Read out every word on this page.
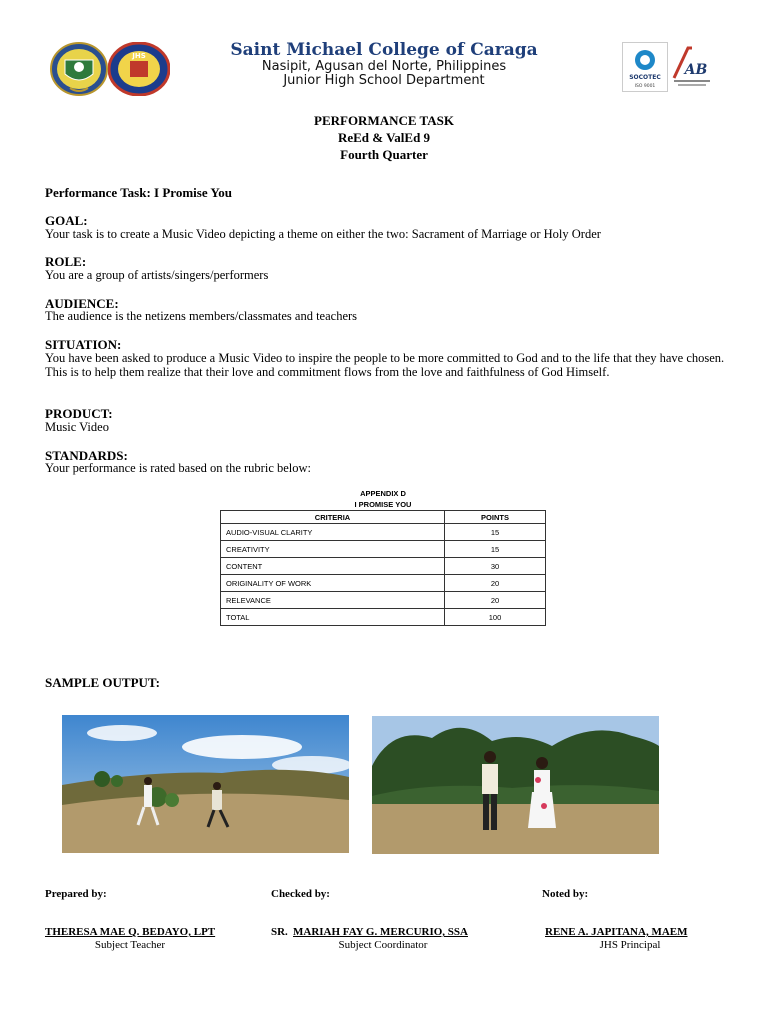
JHS	Saint Michael College of Caraga
Nasipit, Agusan del Norte, Philippines
Junior High School Department	SOCOTEC
ISO 9001
AB
PERFORMANCE TASK
ReEd & ValEd 9
Fourth Quarter
Performance Task: I Promise You
GOAL:
Your task is to create a Music Video depicting a theme on either the two: Sacrament of Marriage or Holy Order
ROLE:
You are a group of artists/singers/performers
AUDIENCE:
The audience is the netizens members/classmates and teachers
SITUATION:
You have been asked to produce a Music Video to inspire the people to be more committed to God and to the life that they have chosen. This is to help them realize that their love and commitment flows from the love and faithfulness of God Himself.
PRODUCT:
Music Video
STANDARDS:
Your performance is rated based on the rubric below:
APPENDIX D
I PROMISE YOU
CRITERIA	POINTS
AUDIO-VISUAL CLARITY	15
CREATIVITY	15
CONTENT	30
ORIGINALITY OF WORK	20
RELEVANCE	20
TOTAL	100
SAMPLE OUTPUT:
Prepared by:	Checked by:	Noted by:
THERESA MAE Q. BEDAYO, LPT	SR. MARIAH FAY G. MERCURIO, SSA	RENE A. JAPITANA, MAEM
Subject Teacher	Subject Coordinator	JHS Principal
